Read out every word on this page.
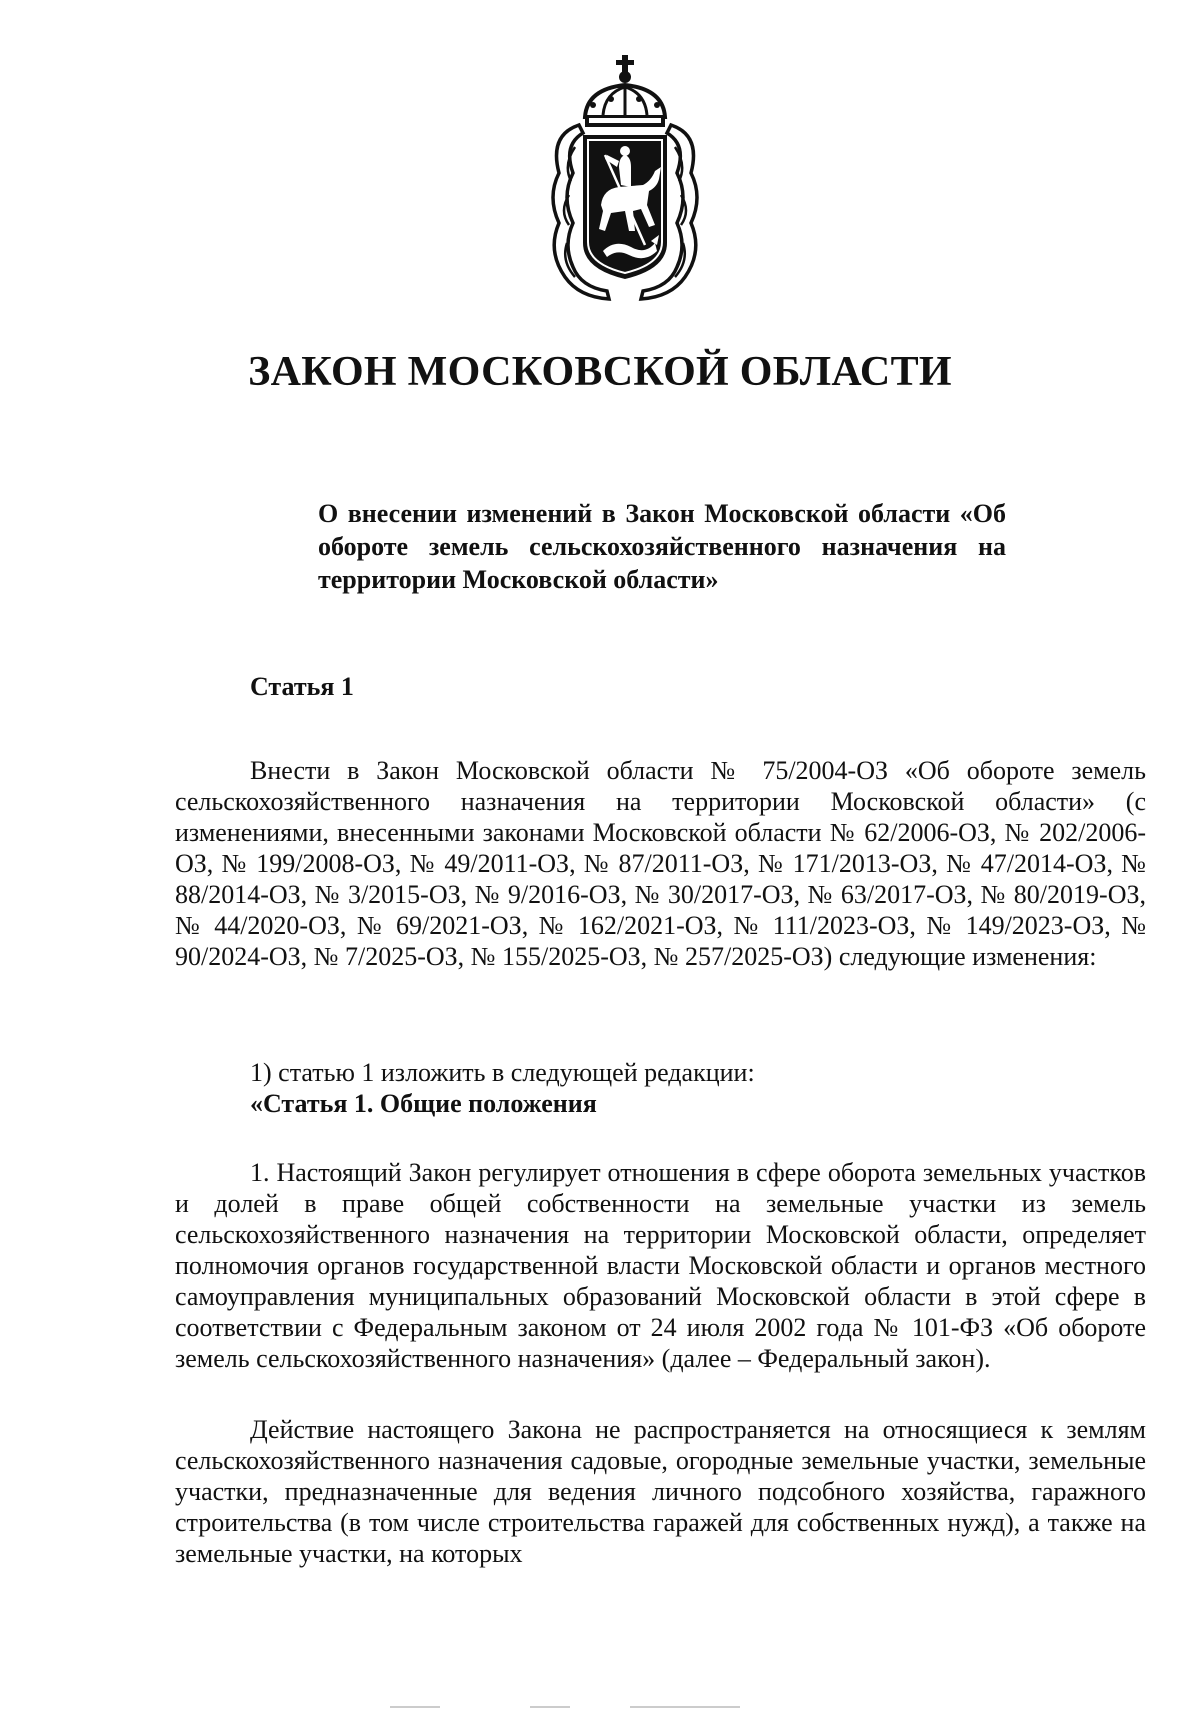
ЗАКОН МОСКОВСКОЙ ОБЛАСТИ
О внесении изменений в Закон Московской области «Об обороте земель сельскохозяйственного назначения на территории Московской области»
Статья 1

Внести в Закон Московской области № 75/2004-ОЗ «Об обороте земель сельскохозяйственного назначения на территории Московской области» (с изменениями, внесенными законами Московской области № 62/2006-ОЗ, № 202/2006-ОЗ, № 199/2008-ОЗ, № 49/2011-ОЗ, № 87/2011-ОЗ, № 171/2013-ОЗ, № 47/2014-ОЗ, № 88/2014-ОЗ, № 3/2015-ОЗ, № 9/2016-ОЗ, № 30/2017-ОЗ, № 63/2017-ОЗ, № 80/2019-ОЗ, № 44/2020-ОЗ, № 69/2021-ОЗ, № 162/2021-ОЗ, № 111/2023-ОЗ, № 149/2023-ОЗ, № 90/2024-ОЗ, № 7/2025-ОЗ, № 155/2025-ОЗ, № 257/2025-ОЗ) следующие изменения:

1) статью 1 изложить в следующей редакции:
«Статья 1. Общие положения

1. Настоящий Закон регулирует отношения в сфере оборота земельных участков и долей в праве общей собственности на земельные участки из земель сельскохозяйственного назначения на территории Московской области, определяет полномочия органов государственной власти Московской области и органов местного самоуправления муниципальных образований Московской области в этой сфере в соответствии с Федеральным законом от 24 июля 2002 года № 101-ФЗ «Об обороте земель сельскохозяйственного назначения» (далее – Федеральный закон).

Действие настоящего Закона не распространяется на относящиеся к землям сельскохозяйственного назначения садовые, огородные земельные участки, земельные участки, предназначенные для ведения личного подсобного хозяйства, гаражного строительства (в том числе строительства гаражей для собственных нужд), а также на земельные участки, на которых
